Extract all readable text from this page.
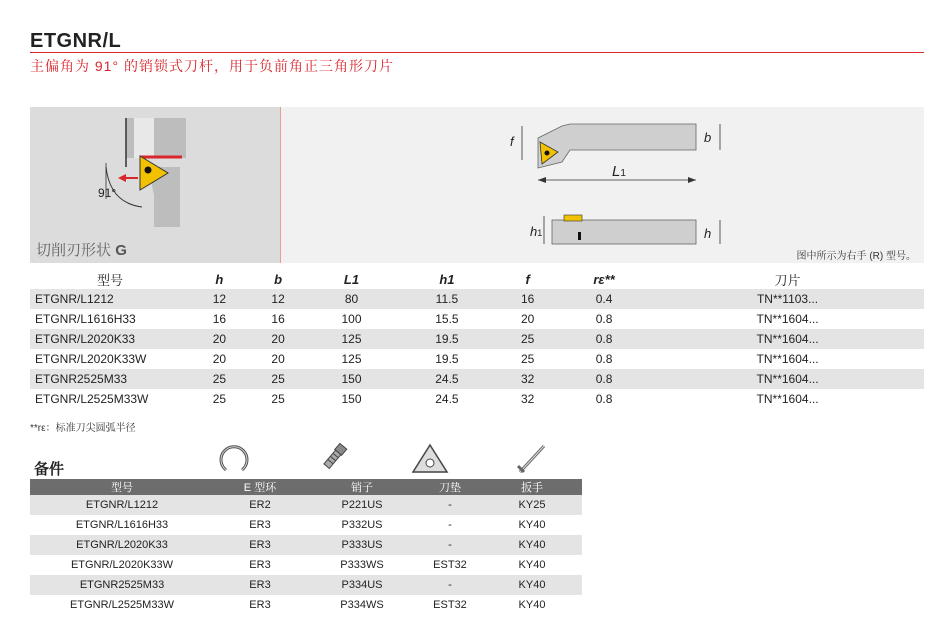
ETGNR/L
主偏角为 91° 的销锁式刀杆，用于负前角正三角形刀片
91°
切削刃形状 G
f	b
L1
h1	h
图中所示为右手 (R) 型号。
型号	h	b	L1	h1	f	rε**	刀片
ETGNR/L1212	12	12	80	11.5	16	0.4	TN**1103...
ETGNR/L1616H33	16	16	100	15.5	20	0.8	TN**1604...
ETGNR/L2020K33	20	20	125	19.5	25	0.8	TN**1604...
ETGNR/L2020K33W	20	20	125	19.5	25	0.8	TN**1604...
ETGNR2525M33	25	25	150	24.5	32	0.8	TN**1604...
ETGNR/L2525M33W	25	25	150	24.5	32	0.8	TN**1604...
**rε：标准刀尖圆弧半径
备件
型号	E 型环	销子	刀垫	扳手
ETGNR/L1212	ER2	P221US	-	KY25
ETGNR/L1616H33	ER3	P332US	-	KY40
ETGNR/L2020K33	ER3	P333US	-	KY40
ETGNR/L2020K33W	ER3	P333WS	EST32	KY40
ETGNR2525M33	ER3	P334US	-	KY40
ETGNR/L2525M33W	ER3	P334WS	EST32	KY40
